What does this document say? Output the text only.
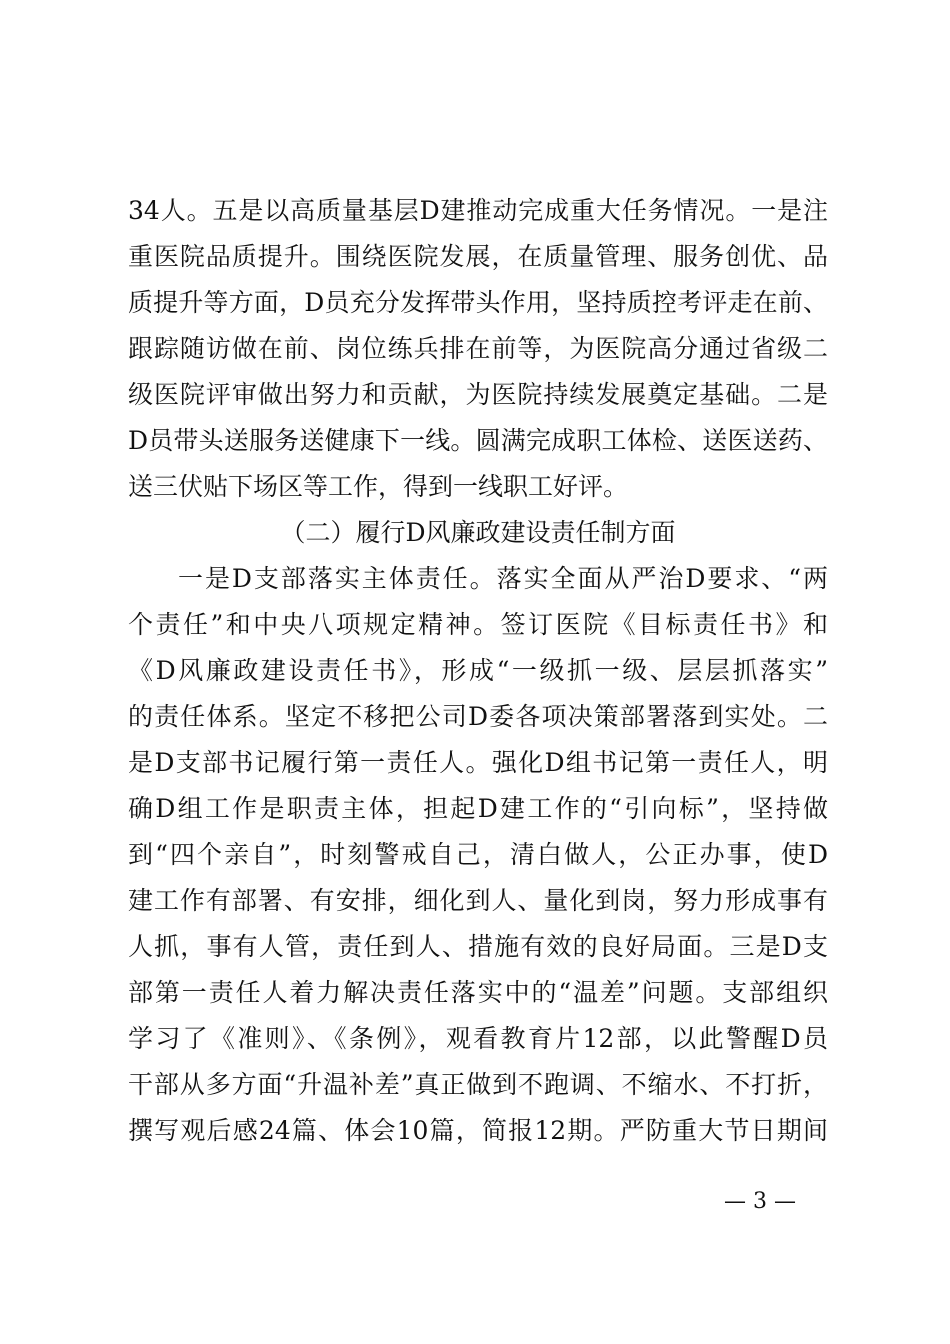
34人。五是以高质量基层D建推动完成重大任务情况。一是注
重医院品质提升。围绕医院发展，在质量管理、服务创优、品
质提升等方面，D员充分发挥带头作用，坚持质控考评走在前、
跟踪随访做在前、岗位练兵排在前等，为医院高分通过省级二
级医院评审做出努力和贡献，为医院持续发展奠定基础。二是
D员带头送服务送健康下一线。圆满完成职工体检、送医送药、
送三伏贴下场区等工作，得到一线职工好评。
（二）履行D风廉政建设责任制方面
一是D支部落实主体责任。落实全面从严治D要求、“两
个责任”和中央八项规定精神。签订医院《目标责任书》和
《D风廉政建设责任书》，形成“一级抓一级、层层抓落实”
的责任体系。坚定不移把公司D委各项决策部署落到实处。二
是D支部书记履行第一责任人。强化D组书记第一责任人，明
确D组工作是职责主体，担起D建工作的“引向标”，坚持做
到“四个亲自”，时刻警戒自己，清白做人，公正办事，使D
建工作有部署、有安排，细化到人、量化到岗，努力形成事有
人抓，事有人管，责任到人、措施有效的良好局面。三是D支
部第一责任人着力解决责任落实中的“温差”问题。支部组织
学习了《准则》、《条例》，观看教育片12部，以此警醒D员
干部从多方面“升温补差”真正做到不跑调、不缩水、不打折，
撰写观后感24篇、体会10篇，简报12期。严防重大节日期间
— 3 —
